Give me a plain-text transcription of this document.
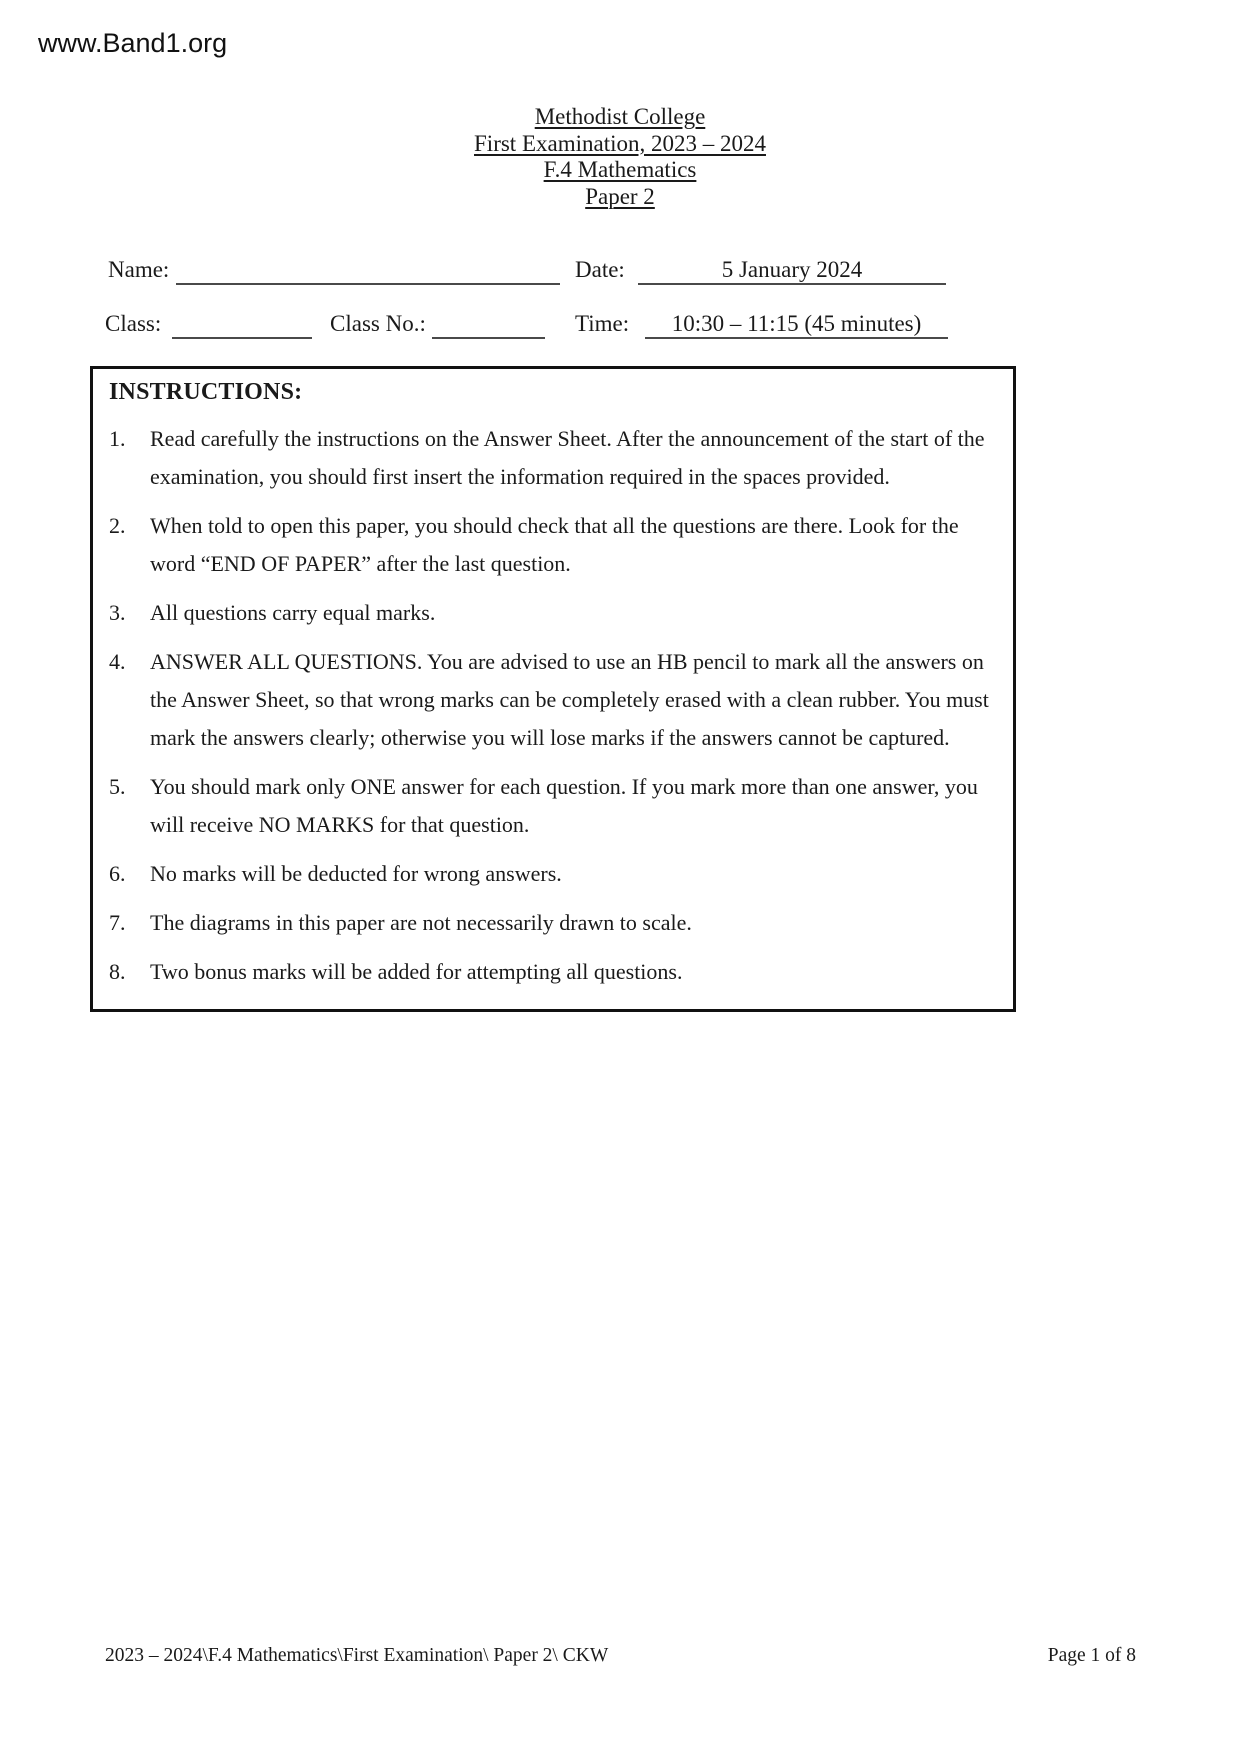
www.Band1.org
Methodist College
First Examination, 2023 – 2024
F.4 Mathematics
Paper 2
Name:	Date:	5 January 2024
Class:	Class No.:	Time:	10:30 – 11:15 (45 minutes)
INSTRUCTIONS:
1.	Read carefully the instructions on the Answer Sheet. After the announcement of the start of the examination, you should first insert the information required in the spaces provided.
2.	When told to open this paper, you should check that all the questions are there. Look for the word “END OF PAPER” after the last question.
3.	All questions carry equal marks.
4.	ANSWER ALL QUESTIONS. You are advised to use an HB pencil to mark all the answers on the Answer Sheet, so that wrong marks can be completely erased with a clean rubber. You must mark the answers clearly; otherwise you will lose marks if the answers cannot be captured.
5.	You should mark only ONE answer for each question. If you mark more than one answer, you will receive NO MARKS for that question.
6.	No marks will be deducted for wrong answers.
7.	The diagrams in this paper are not necessarily drawn to scale.
8.	Two bonus marks will be added for attempting all questions.
2023 – 2024\F.4 Mathematics\First Examination\ Paper 2\ CKW	Page 1 of 8
